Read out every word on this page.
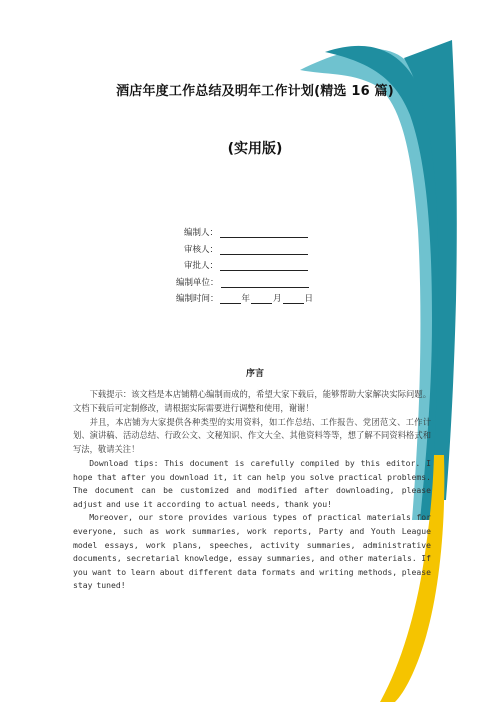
酒店年度工作总结及明年工作计划(精选 16 篇)
(实用版)
编制人：
审核人：
审批人：
编制单位：
编制时间：	年	月	日
序言

下载提示：该文档是本店铺精心编制而成的，希望大家下载后，能够帮助大家解决实际问题。文档下载后可定制修改，请根据实际需要进行调整和使用，谢谢！

并且，本店铺为大家提供各种类型的实用资料，如工作总结、工作报告、党团范文、工作计划、演讲稿、活动总结、行政公文、文秘知识、作文大全、其他资料等等，想了解不同资料格式和写法，敬请关注！

Download tips: This document is carefully compiled by this editor. I hope that after you download it, it can help you solve practical problems. The document can be customized and modified after downloading, please adjust and use it according to actual needs, thank you!

Moreover, our store provides various types of practical materials for everyone, such as work summaries, work reports, Party and Youth League model essays, work plans, speeches, activity summaries, administrative documents, secretarial knowledge, essay summaries, and other materials. If you want to learn about different data formats and writing methods, please stay tuned!
